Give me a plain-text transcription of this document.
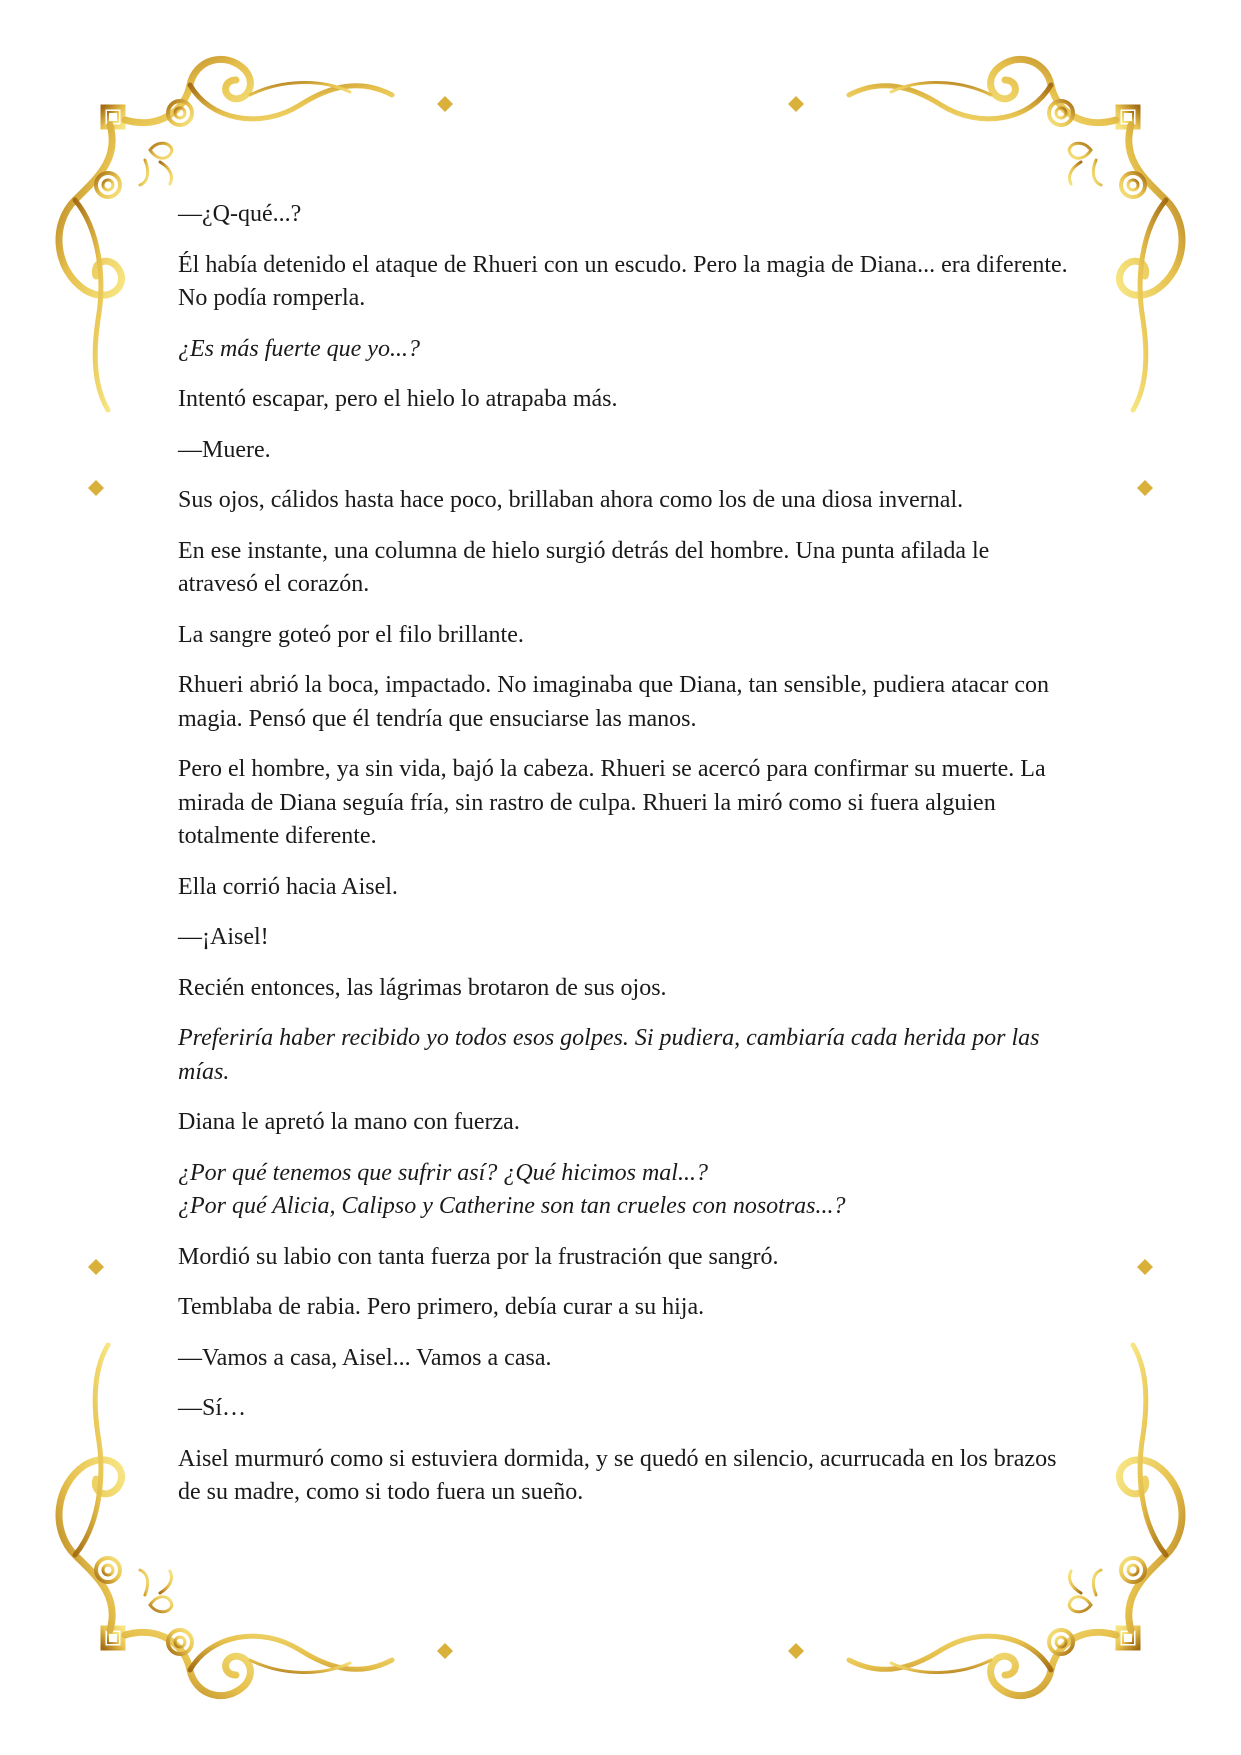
—¿Q-qué...?

Él había detenido el ataque de Rhueri con un escudo. Pero la magia de Diana... era diferente. No podía romperla.

¿Es más fuerte que yo...?

Intentó escapar, pero el hielo lo atrapaba más.

—Muere.

Sus ojos, cálidos hasta hace poco, brillaban ahora como los de una diosa invernal.

En ese instante, una columna de hielo surgió detrás del hombre. Una punta afilada le atravesó el corazón.

La sangre goteó por el filo brillante.

Rhueri abrió la boca, impactado. No imaginaba que Diana, tan sensible, pudiera atacar con magia. Pensó que él tendría que ensuciarse las manos.

Pero el hombre, ya sin vida, bajó la cabeza. Rhueri se acercó para confirmar su muerte. La mirada de Diana seguía fría, sin rastro de culpa. Rhueri la miró como si fuera alguien totalmente diferente.

Ella corrió hacia Aisel.

—¡Aisel!

Recién entonces, las lágrimas brotaron de sus ojos.

Preferiría haber recibido yo todos esos golpes. Si pudiera, cambiaría cada herida por las mías.

Diana le apretó la mano con fuerza.

¿Por qué tenemos que sufrir así? ¿Qué hicimos mal...?
¿Por qué Alicia, Calipso y Catherine son tan crueles con nosotras...?

Mordió su labio con tanta fuerza por la frustración que sangró.

Temblaba de rabia. Pero primero, debía curar a su hija.

—Vamos a casa, Aisel... Vamos a casa.

—Sí…

Aisel murmuró como si estuviera dormida, y se quedó en silencio, acurrucada en los brazos de su madre, como si todo fuera un sueño.
